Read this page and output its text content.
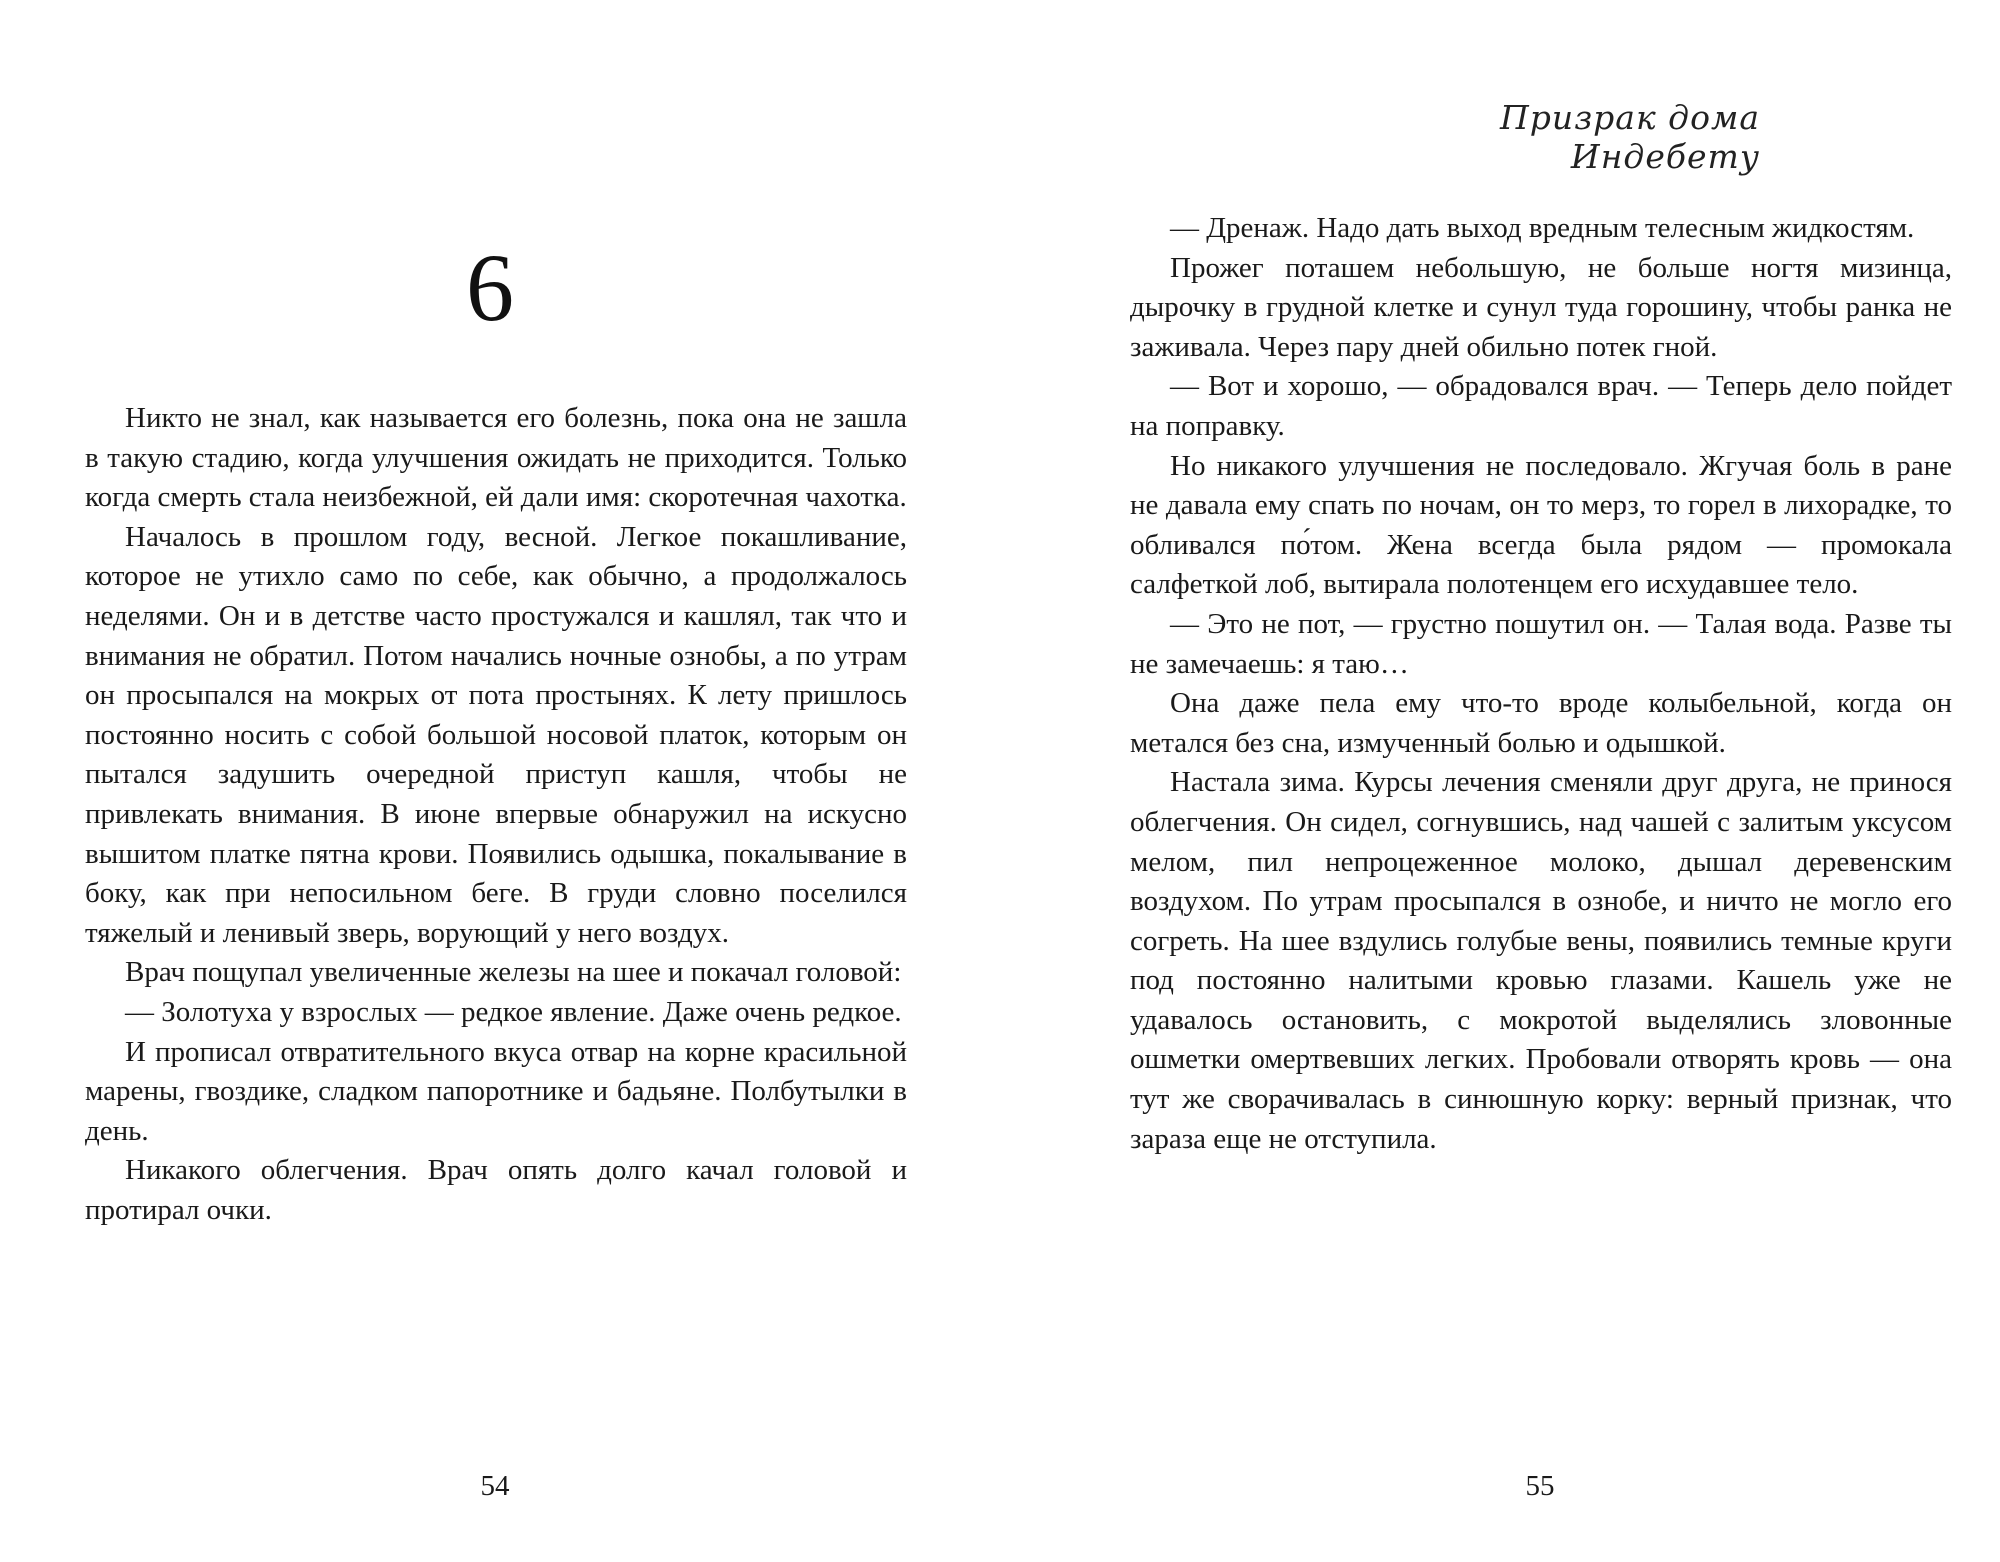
6

Никто не знал, как называется его болезнь, пока она не зашла в такую стадию, когда улучшения ожидать не приходится. Только когда смерть стала неизбежной, ей дали имя: скоротечная чахотка.

Началось в прошлом году, весной. Легкое покашливание, которое не утихло само по себе, как обычно, а продолжалось неделями. Он и в детстве часто простужался и кашлял, так что и внимания не обратил. Потом начались ночные ознобы, а по утрам он просыпался на мокрых от пота простынях. К лету пришлось постоянно носить с собой большой носовой платок, которым он пытался задушить очередной приступ кашля, чтобы не привлекать внимания. В июне впервые обнаружил на искусно вышитом платке пятна крови. Появились одышка, покалывание в боку, как при непосильном беге. В груди словно поселился тяжелый и ленивый зверь, ворующий у него воздух.

Врач пощупал увеличенные железы на шее и покачал головой:

— Золотуха у взрослых — редкое явление. Даже очень редкое.

И прописал отвратительного вкуса отвар на корне красильной марены, гвоздике, сладком папоротнике и бадьяне. Полбутылки в день.

Никакого облегчения. Врач опять долго качал головой и протирал очки.

54
Призрак дома Индебету

— Дренаж. Надо дать выход вредным телесным жидкостям.

Прожег поташем небольшую, не больше ногтя мизинца, дырочку в грудной клетке и сунул туда горошину, чтобы ранка не заживала. Через пару дней обильно потек гной.

— Вот и хорошо, — обрадовался врач. — Теперь дело пойдет на поправку.

Но никакого улучшения не последовало. Жгучая боль в ране не давала ему спать по ночам, он то мерз, то горел в лихорадке, то обливался по́том. Жена всегда была рядом — промокала салфеткой лоб, вытирала полотенцем его исхудавшее тело.

— Это не пот, — грустно пошутил он. — Талая вода. Разве ты не замечаешь: я таю…

Она даже пела ему что-то вроде колыбельной, когда он метался без сна, измученный болью и одышкой.

Настала зима. Курсы лечения сменяли друг друга, не принося облегчения. Он сидел, согнувшись, над чашей с залитым уксусом мелом, пил непроцеженное молоко, дышал деревенским воздухом. По утрам просыпался в ознобе, и ничто не могло его согреть. На шее вздулись голубые вены, появились темные круги под постоянно налитыми кровью глазами. Кашель уже не удавалось остановить, с мокротой выделялись зловонные ошметки омертвевших легких. Пробовали отворять кровь — она тут же сворачивалась в синюшную корку: верный признак, что зараза еще не отступила.

55
